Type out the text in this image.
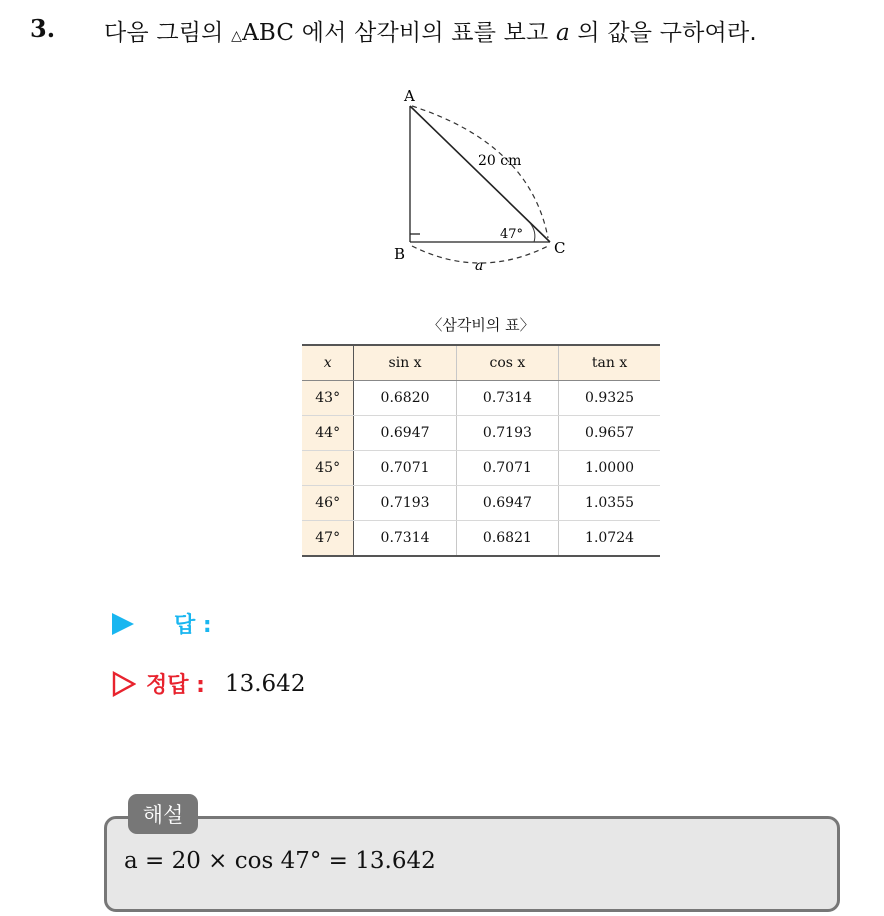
3. 다음 그림의 △ABC 에서 삼각비의 표를 보고 a 의 값을 구하여라.
A
B	C
20 cm
47°
a
〈삼각비의 표〉
x	sin x	cos x	tan x
43°	0.6820	0.7314	0.9325
44°	0.6947	0.7193	0.9657
45°	0.7071	0.7071	1.0000
46°	0.7193	0.6947	1.0355
47°	0.7314	0.6821	1.0724
답 :
정답 : 13.642
해설
a = 20 × cos 47° = 13.642
